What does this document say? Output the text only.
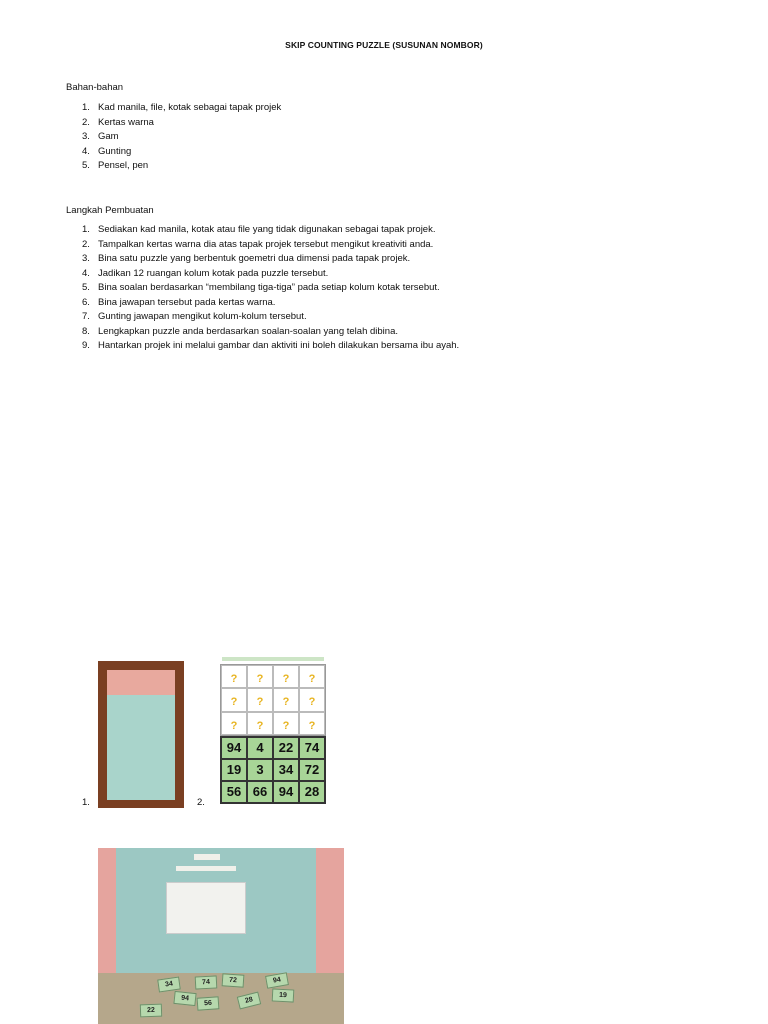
SKIP COUNTING PUZZLE (SUSUNAN NOMBOR)
Bahan-bahan
1. Kad manila, file, kotak sebagai tapak projek
2. Kertas warna
3. Gam
4. Gunting
5. Pensel, pen
Langkah Pembuatan
1. Sediakan kad manila, kotak atau file yang tidak digunakan sebagai tapak projek.
2. Tampalkan kertas warna dia atas tapak projek tersebut mengikut kreativiti anda.
3. Bina satu puzzle yang berbentuk goemetri dua dimensi pada tapak projek.
4. Jadikan 12 ruangan kolum kotak pada puzzle tersebut.
5. Bina soalan berdasarkan “membilang tiga-tiga” pada setiap kolum kotak tersebut.
6. Bina jawapan tersebut pada kertas warna.
7. Gunting jawapan mengikut kolum-kolum tersebut.
8. Lengkapkan puzzle anda berdasarkan soalan-soalan yang telah dibina.
9. Hantarkan projek ini melalui gambar dan aktiviti ini boleh dilakukan bersama ibu ayah.
1.	2.
?	?	?	?
?	?	?	?
?	?	?	?
94	4	22 74
19	3	34 72
56 66 94 28
34	74	72	94
94
56	28
19
22
